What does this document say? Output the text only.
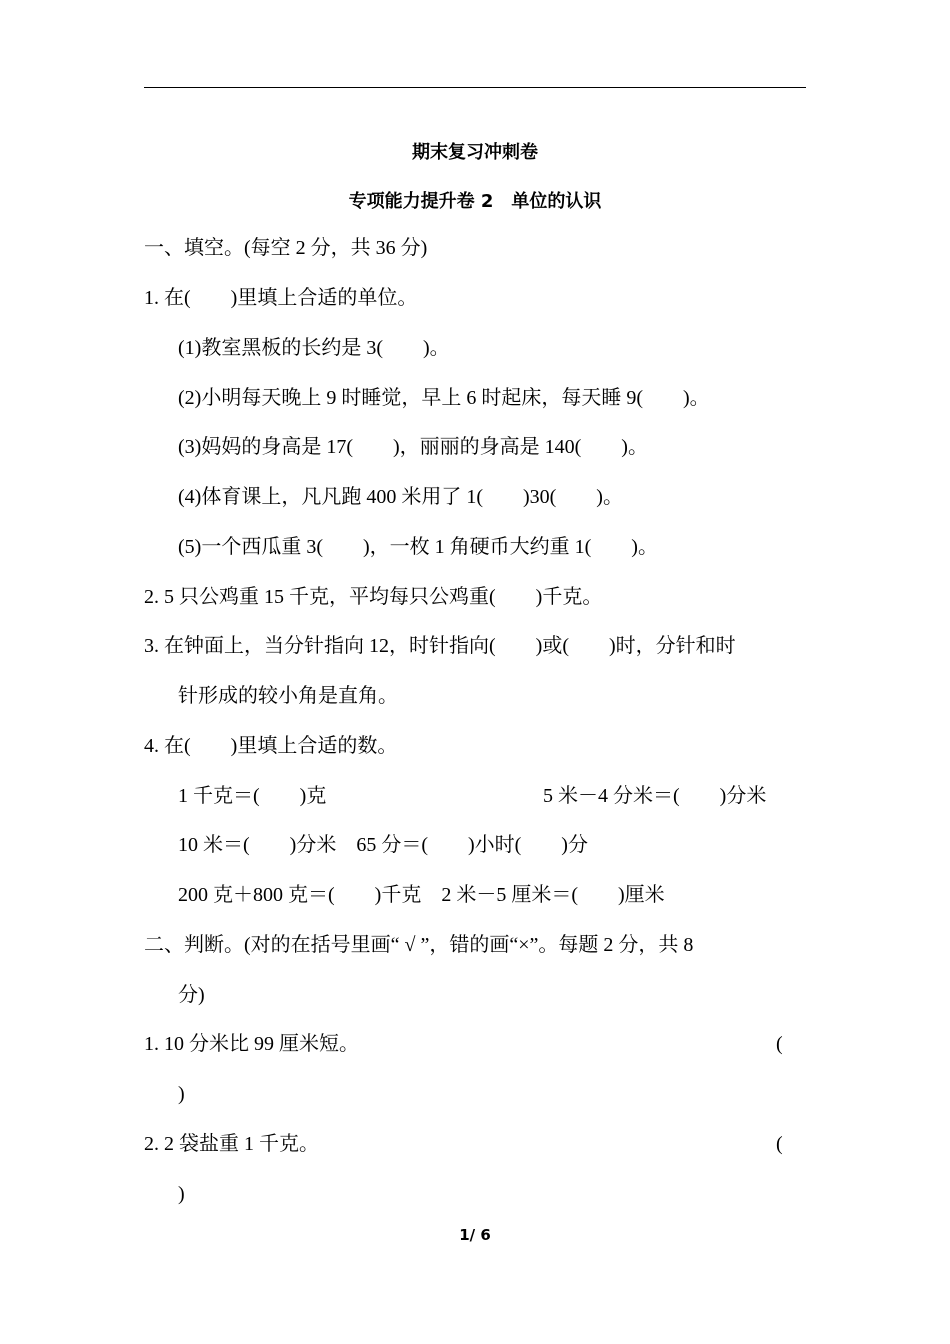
期末复习冲刺卷
专项能力提升卷 2　单位的认识
一、填空。(每空 2 分，共 36 分)
1. 在(　　)里填上合适的单位。
(1)教室黑板的长约是 3(　　)。
(2)小明每天晚上 9 时睡觉，早上 6 时起床，每天睡 9(　　)。
(3)妈妈的身高是 17(　　)，丽丽的身高是 140(　　)。
(4)体育课上，凡凡跑 400 米用了 1(　　)30(　　)。
(5)一个西瓜重 3(　　)，一枚 1 角硬币大约重 1(　　)。
2. 5 只公鸡重 15 千克，平均每只公鸡重(　　)千克。
3. 在钟面上，当分针指向 12，时针指向(　　)或(　　)时，分针和时
针形成的较小角是直角。
4. 在(　　)里填上合适的数。
1 千克＝(　　)克	5 米－4 分米＝(　　)分米
10 米＝(　　)分米　65 分＝(　　)小时(　　)分
200 克＋800 克＝(　　)千克　2 米－5 厘米＝(　　)厘米
二、判断。(对的在括号里画“ √ ”，错的画“×”。每题 2 分，共 8
分)
1. 10 分米比 99 厘米短。	(
)
2. 2 袋盐重 1 千克。	(
)
1/ 6
